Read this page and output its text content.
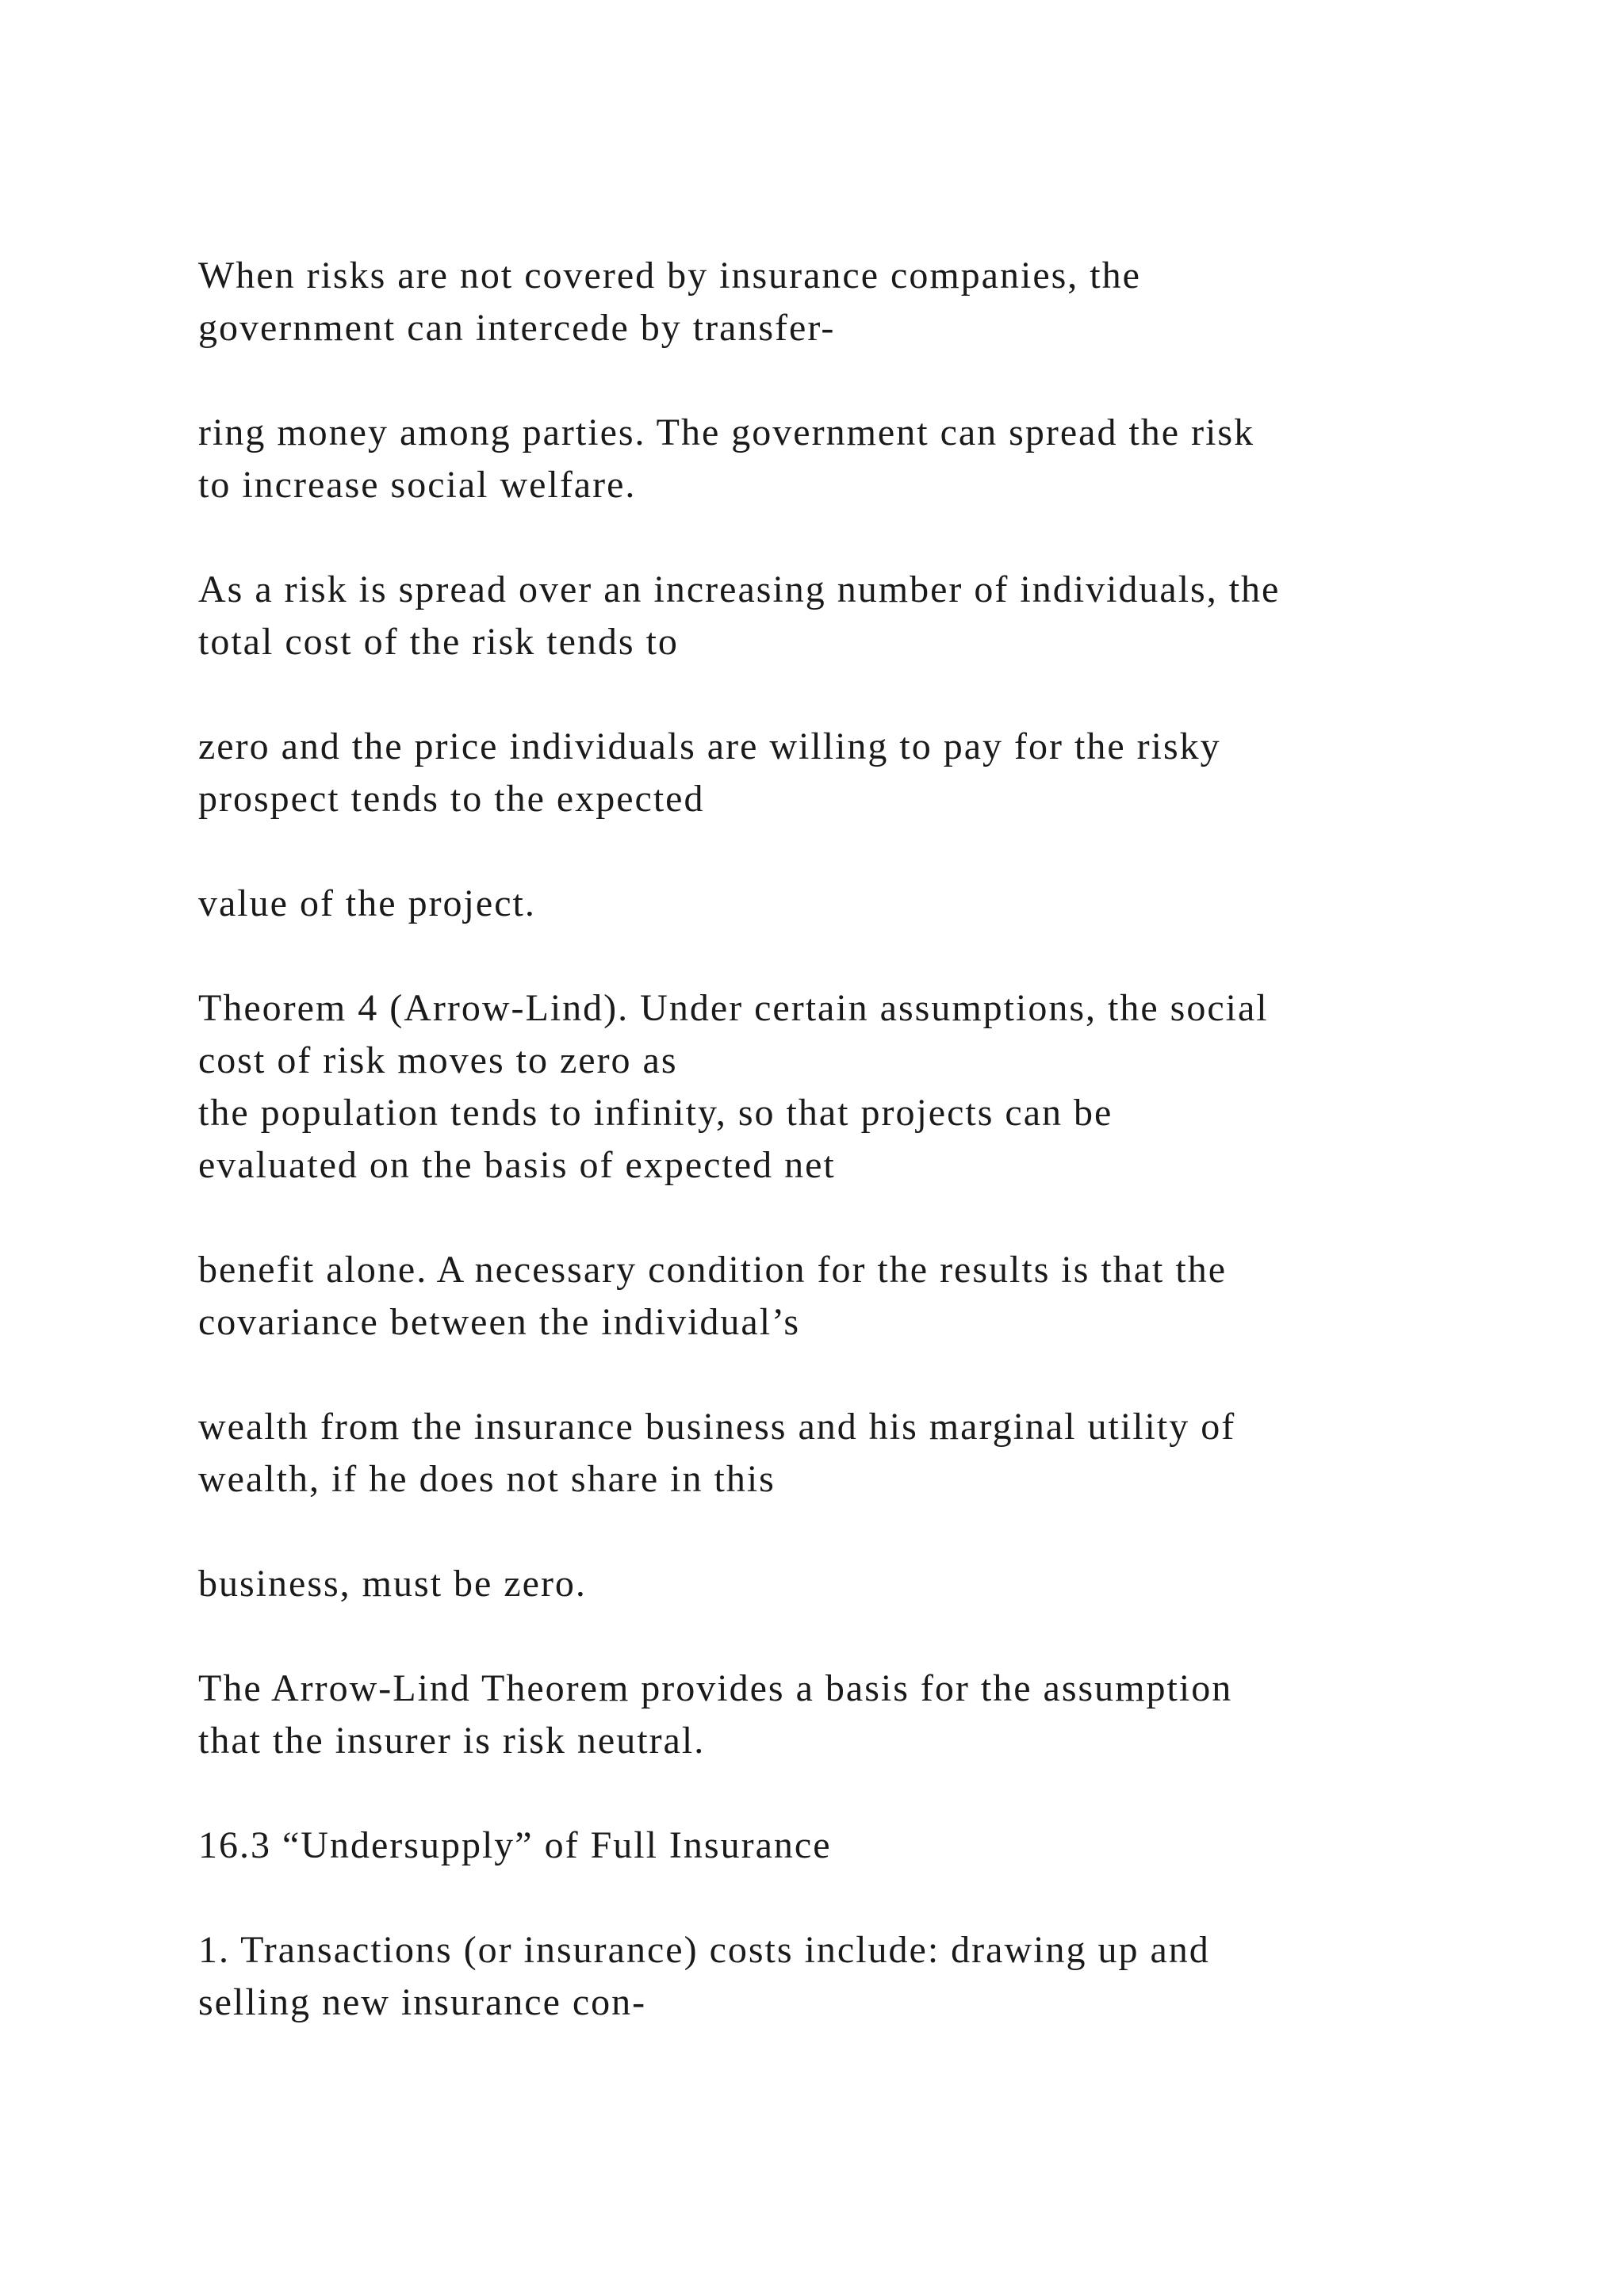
When risks are not covered by insurance companies, the
government can intercede by transfer-

ring money among parties. The government can spread the risk
to increase social welfare.

As a risk is spread over an increasing number of individuals, the
total cost of the risk tends to

zero and the price individuals are willing to pay for the risky
prospect tends to the expected

value of the project.

Theorem 4 (Arrow-Lind). Under certain assumptions, the social
cost of risk moves to zero as
the population tends to infinity, so that projects can be
evaluated on the basis of expected net

benefit alone. A necessary condition for the results is that the
covariance between the individual’s

wealth from the insurance business and his marginal utility of
wealth, if he does not share in this

business, must be zero.

The Arrow-Lind Theorem provides a basis for the assumption
that the insurer is risk neutral.

16.3 “Undersupply” of Full Insurance

1. Transactions (or insurance) costs include: drawing up and
selling new insurance con-
